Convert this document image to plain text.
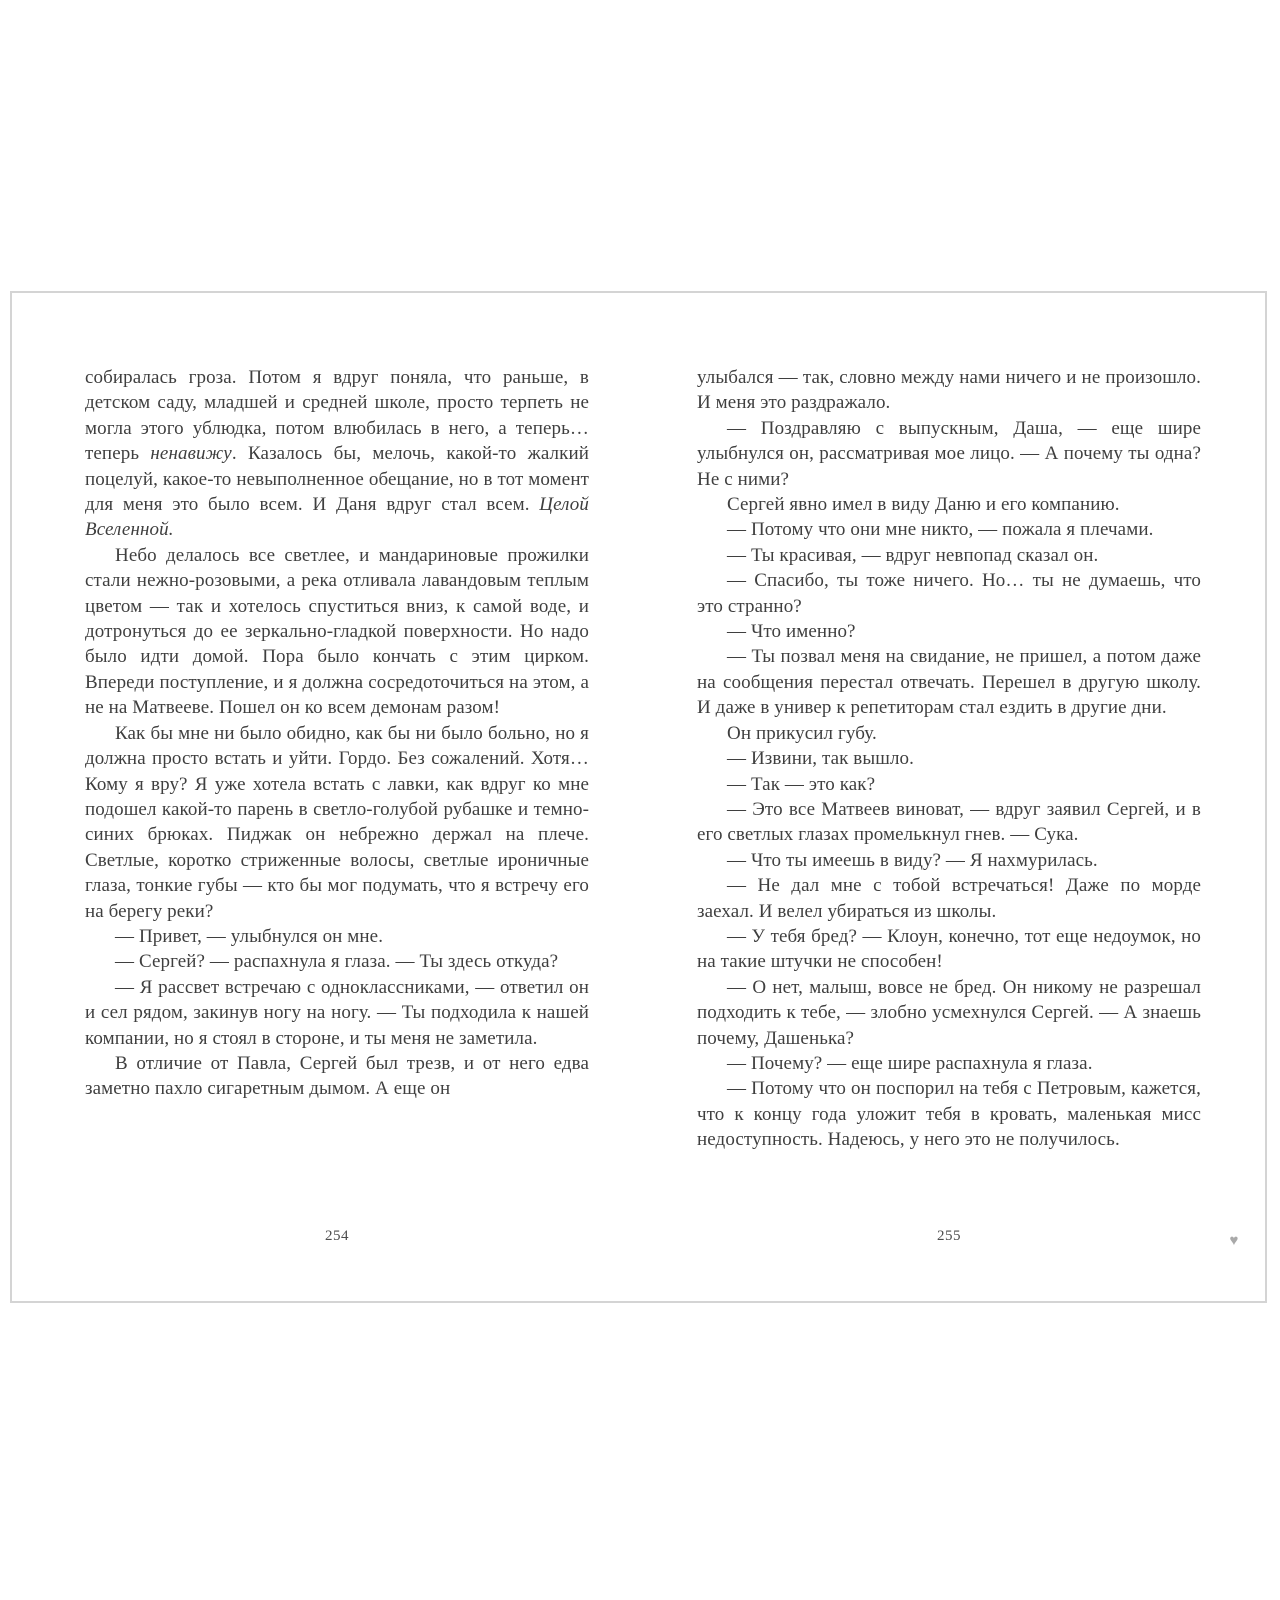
собиралась гроза. Потом я вдруг поняла, что раньше, в детском саду, младшей и средней школе, просто терпеть не могла этого ублюдка, потом влюбилась в него, а теперь… теперь ненавижу. Казалось бы, мелочь, какой-то жалкий поцелуй, какое-то невыполненное обещание, но в тот момент для меня это было всем. И Даня вдруг стал всем. Целой Вселенной.

Небо делалось все светлее, и мандариновые прожилки стали нежно-розовыми, а река отливала лавандовым теплым цветом — так и хотелось спуститься вниз, к самой воде, и дотронуться до ее зеркально-гладкой поверхности. Но надо было идти домой. Пора было кончать с этим цирком. Впереди поступление, и я должна сосредоточиться на этом, а не на Матвееве. Пошел он ко всем демонам разом!

Как бы мне ни было обидно, как бы ни было больно, но я должна просто встать и уйти. Гордо. Без сожалений. Хотя… Кому я вру? Я уже хотела встать с лавки, как вдруг ко мне подошел какой-то парень в светло-голубой рубашке и темно-синих брюках. Пиджак он небрежно держал на плече. Светлые, коротко стриженные волосы, светлые ироничные глаза, тонкие губы — кто бы мог подумать, что я встречу его на берегу реки?

— Привет, — улыбнулся он мне.

— Сергей? — распахнула я глаза. — Ты здесь откуда?

— Я рассвет встречаю с одноклассниками, — ответил он и сел рядом, закинув ногу на ногу. — Ты подходила к нашей компании, но я стоял в стороне, и ты меня не заметила.

В отличие от Павла, Сергей был трезв, и от него едва заметно пахло сигаретным дымом. А еще он

улыбался — так, словно между нами ничего и не произошло. И меня это раздражало.

— Поздравляю с выпускным, Даша, — еще шире улыбнулся он, рассматривая мое лицо. — А почему ты одна? Не с ними?

Сергей явно имел в виду Даню и его компанию.

— Потому что они мне никто, — пожала я плечами.

— Ты красивая, — вдруг невпопад сказал он.

— Спасибо, ты тоже ничего. Но… ты не думаешь, что это странно?

— Что именно?

— Ты позвал меня на свидание, не пришел, а потом даже на сообщения перестал отвечать. Перешел в другую школу. И даже в универ к репетиторам стал ездить в другие дни.

Он прикусил губу.

— Извини, так вышло.

— Так — это как?

— Это все Матвеев виноват, — вдруг заявил Сергей, и в его светлых глазах промелькнул гнев. — Сука.

— Что ты имеешь в виду? — Я нахмурилась.

— Не дал мне с тобой встречаться! Даже по морде заехал. И велел убираться из школы.

— У тебя бред? — Клоун, конечно, тот еще недоумок, но на такие штучки не способен!

— О нет, малыш, вовсе не бред. Он никому не разрешал подходить к тебе, — злобно усмехнулся Сергей. — А знаешь почему, Дашенька?

— Почему? — еще шире распахнула я глаза.

— Потому что он поспорил на тебя с Петровым, кажется, что к концу года уложит тебя в кровать, маленькая мисс недоступность. Надеюсь, у него это не получилось.

254	255	♥
